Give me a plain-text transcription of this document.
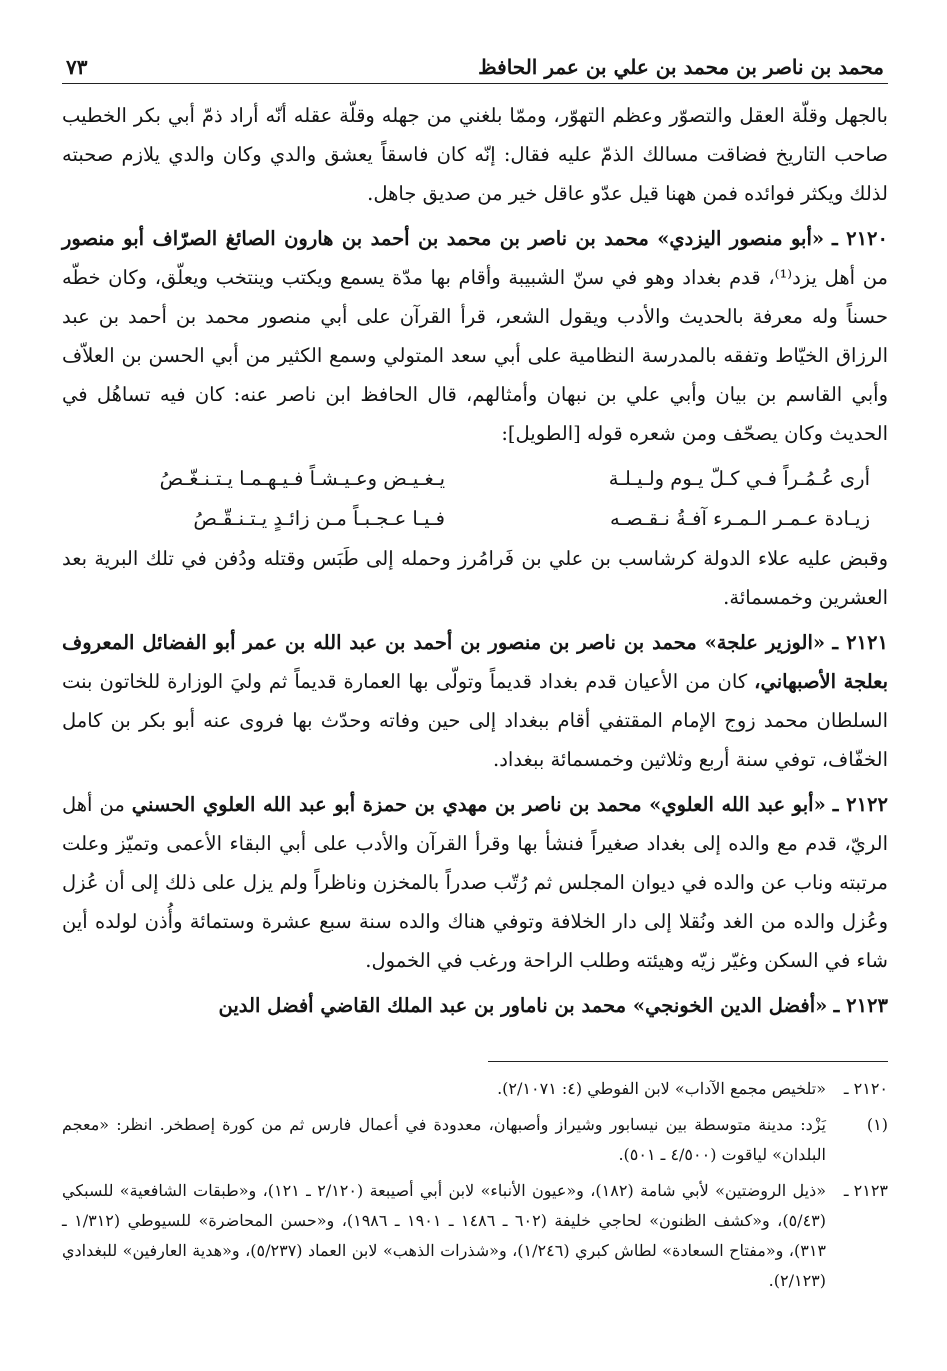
محمد بن ناصر بن محمد بن علي بن عمر الحافظ
٧٣

بالجهل وقلّة العقل والتصوّر وعظم التهوّر، وممّا بلغني من جهله وقلّة عقله أنّه أراد ذمّ أبي بكر الخطيب صاحب التاريخ فضاقت مسالك الذمّ عليه فقال: إنّه كان فاسقاً يعشق والدي وكان والدي يلازم صحبته لذلك ويكثر فوائده فمن ههنا قيل عدّو عاقل خير من صديق جاهل.

٢١٢٠ ـ «أبو منصور اليزدي» محمد بن ناصر بن محمد بن أحمد بن هارون الصائغ الصرّاف أبو منصور من أهل يزد⁽¹⁾، قدم بغداد وهو في سنّ الشبيبة وأقام بها مدّة يسمع ويكتب وينتخب ويعلّق، وكان خطّه حسناً وله معرفة بالحديث والأدب ويقول الشعر، قرأ القرآن على أبي منصور محمد بن أحمد بن عبد الرزاق الخيّاط وتفقه بالمدرسة النظامية على أبي سعد المتولي وسمع الكثير من أبي الحسن بن العلاّف وأبي القاسم بن بيان وأبي علي بن نبهان وأمثالهم، قال الحافظ ابن ناصر عنه: كان فيه تساهُل في الحديث وكان يصحّف ومن شعره قوله [الطويل]:

أرى عُـمُـراً فـي كـلّ يـوم ولـيـلـة
يـغـيـض وعـيـشـاً فـيـهـمـا يـتـنـغّـصُ
زيـادة عـمـر الـمـرء آفـةُ نـقـصـه
فـيـا عـجـبـاً مـن زائـدٍ يـتـنـقّـصُ

وقبض عليه علاء الدولة كرشاسب بن علي بن فَرامُرز وحمله إلى طَبَس وقتله ودُفن في تلك البرية بعد العشرين وخمسمائة.

٢١٢١ ـ «الوزير علجة» محمد بن ناصر بن منصور بن أحمد بن عبد الله بن عمر أبو الفضائل المعروف بعلجة الأصبهاني، كان من الأعيان قدم بغداد قديماً وتولّى بها العمارة قديماً ثم وليَ الوزارة للخاتون بنت السلطان محمد زوج الإمام المقتفي أقام ببغداد إلى حين وفاته وحدّث بها فروى عنه أبو بكر بن كامل الخفّاف، توفي سنة أربع وثلاثين وخمسمائة ببغداد.

٢١٢٢ ـ «أبو عبد الله العلوي» محمد بن ناصر بن مهدي بن حمزة أبو عبد الله العلوي الحسني من أهل الريّ، قدم مع والده إلى بغداد صغيراً فنشأ بها وقرأ القرآن والأدب على أبي البقاء الأعمى وتميّز وعلت مرتبته وناب عن والده في ديوان المجلس ثم رُتّب صدراً بالمخزن وناظراً ولم يزل على ذلك إلى أن عُزل وعُزل والده من الغد ونُقلا إلى دار الخلافة وتوفي هناك والده سنة سبع عشرة وستمائة وأُذن لولده أين شاء في السكن وغيّر زيّه وهيئته وطلب الراحة ورغب في الخمول.

٢١٢٣ ـ «أفضل الدين الخونجي» محمد بن ناماور بن عبد الملك القاضي أفضل الدين

٢١٢٠ ـ
«تلخيص مجمع الآداب» لابن الفوطي (٤: ٢/١٠٧١).
(١)
يَزْد: مدينة متوسطة بين نيسابور وشيراز وأصبهان، معدودة في أعمال فارس ثم من كورة إصطخر. انظر: «معجم البلدان» لياقوت (٤/٥٠٠ ـ ٥٠١).
٢١٢٣ ـ
«ذيل الروضتين» لأبي شامة (١٨٢)، و«عيون الأنباء» لابن أبي أصيبعة (٢/١٢٠ ـ ١٢١)، و«طبقات الشافعية» للسبكي (٥/٤٣)، و«كشف الظنون» لحاجي خليفة (٦٠٢ ـ ١٤٨٦ ـ ١٩٠١ ـ ١٩٨٦)، و«حسن المحاضرة» للسيوطي (١/٣١٢ ـ ٣١٣)، و«مفتاح السعادة» لطاش كبري (١/٢٤٦)، و«شذرات الذهب» لابن العماد (٥/٢٣٧)، و«هدية العارفين» للبغدادي (٢/١٢٣).
